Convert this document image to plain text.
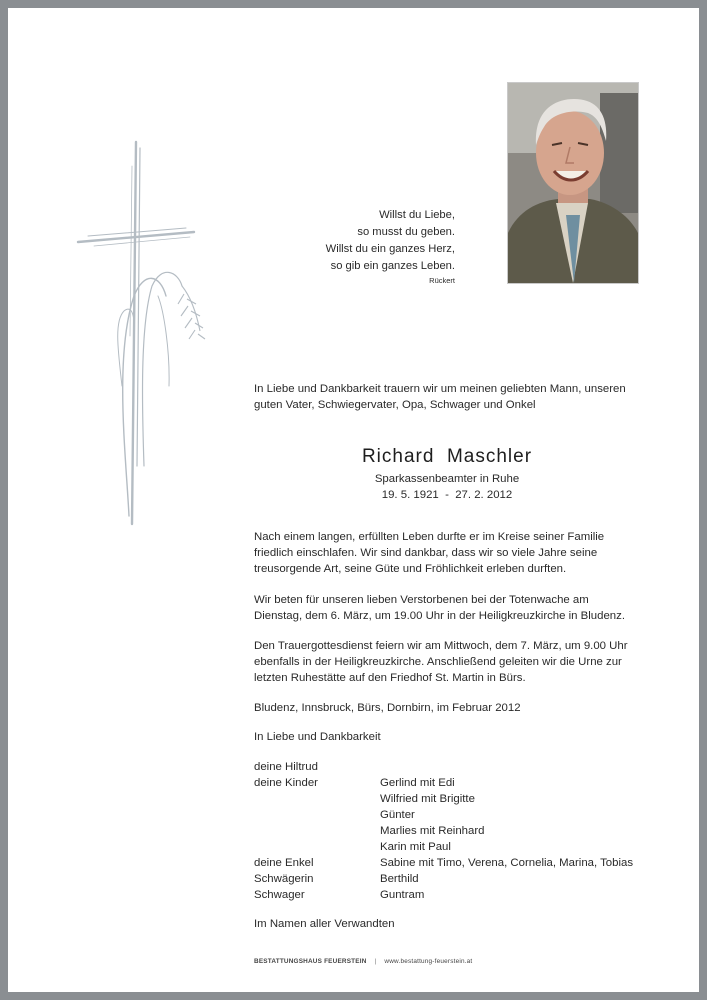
Willst du Liebe,
so musst du geben.
Willst du ein ganzes Herz,
so gib ein ganzes Leben.
Rückert
In Liebe und Dankbarkeit trauern wir um meinen geliebten Mann, unseren
guten Vater, Schwiegervater, Opa, Schwager und Onkel
Richard  Maschler
Sparkassenbeamter in Ruhe
19. 5. 1921  -  27. 2. 2012
Nach einem langen, erfüllten Leben durfte er im Kreise seiner Familie
friedlich einschlafen. Wir sind dankbar, dass wir so viele Jahre seine
treusorgende Art, seine Güte und Fröhlichkeit erleben durften.
Wir beten für unseren lieben Verstorbenen bei der Totenwache am
Dienstag, dem 6. März, um 19.00 Uhr in der Heiligkreuzkirche in Bludenz.
Den Trauergottesdienst feiern wir am Mittwoch, dem 7. März, um 9.00 Uhr
ebenfalls in der Heiligkreuzkirche. Anschließend geleiten wir die Urne zur
letzten Ruhestätte auf den Friedhof St. Martin in Bürs.
Bludenz, Innsbruck, Bürs, Dornbirn, im Februar 2012
In Liebe und Dankbarkeit
deine Hiltrud
deine Kinder	Gerlind mit Edi
Wilfried mit Brigitte
Günter
Marlies mit Reinhard
Karin mit Paul
deine Enkel	Sabine mit Timo, Verena, Cornelia, Marina, Tobias
Schwägerin	Berthild
Schwager	Guntram
Im Namen aller Verwandten
BESTATTUNGSHAUS FEUERSTEIN | www.bestattung-feuerstein.at
